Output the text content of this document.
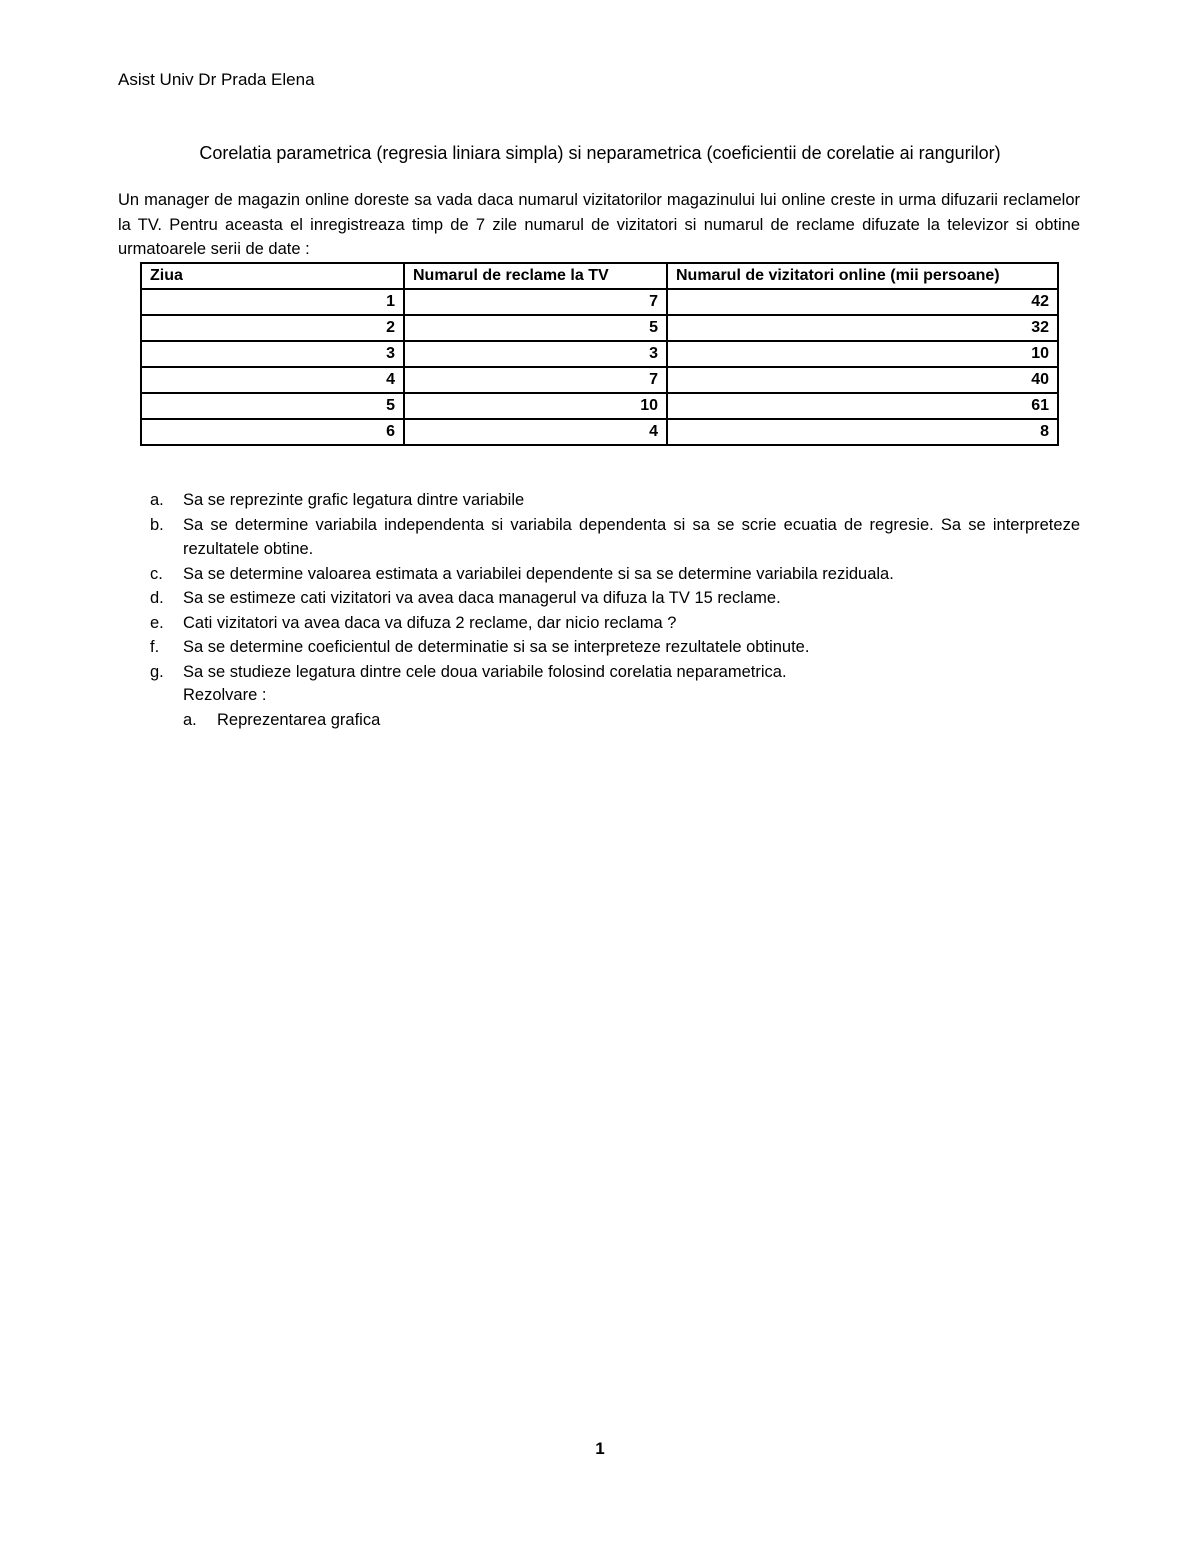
Asist Univ Dr Prada Elena
Corelatia parametrica (regresia liniara simpla) si neparametrica (coeficientii de corelatie ai rangurilor)
Un manager de magazin online doreste sa vada daca numarul vizitatorilor magazinului lui online creste in urma difuzarii reclamelor la TV. Pentru aceasta el inregistreaza timp de 7 zile numarul de vizitatori si numarul de reclame difuzate la televizor si obtine urmatoarele serii de date :
Ziua	Numarul de reclame la TV	Numarul de vizitatori online (mii persoane)
1	7	42
2	5	32
3	3	10
4	7	40
5	10	61
6	4	8
a. Sa se reprezinte grafic legatura dintre variabile
b. Sa se determine variabila independenta si variabila dependenta si sa se scrie ecuatia de regresie. Sa se interpreteze rezultatele obtine.
c. Sa se determine valoarea estimata a variabilei dependente si sa se determine variabila reziduala.
d. Sa se estimeze cati vizitatori va avea daca managerul va difuza la TV 15 reclame.
e. Cati vizitatori va avea daca va difuza 2 reclame, dar nicio reclama ?
f. Sa se determine coeficientul de determinatie si sa se interpreteze rezultatele obtinute.
g. Sa se studieze legatura dintre cele doua variabile folosind corelatia neparametrica.
Rezolvare :
a. Reprezentarea grafica
1
